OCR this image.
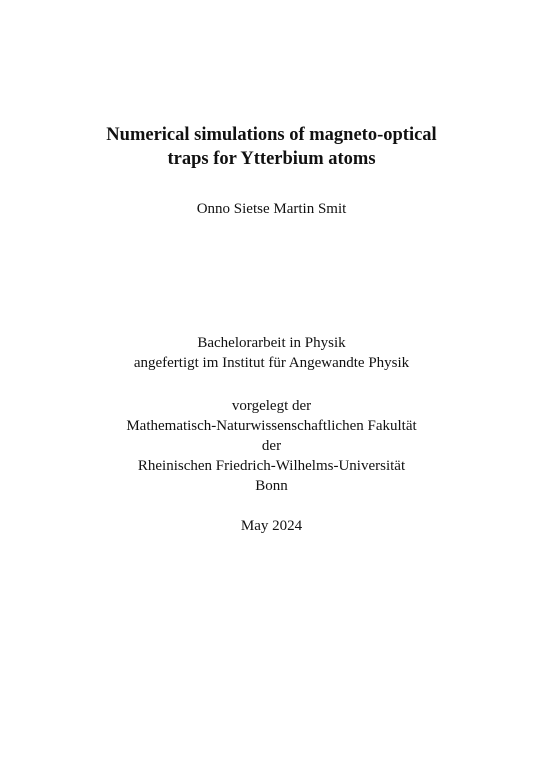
Numerical simulations of magneto-optical
traps for Ytterbium atoms
Onno Sietse Martin Smit
Bachelorarbeit in Physik
angefertigt im Institut für Angewandte Physik
vorgelegt der
Mathematisch-Naturwissenschaftlichen Fakultät
der
Rheinischen Friedrich-Wilhelms-Universität
Bonn
May 2024
